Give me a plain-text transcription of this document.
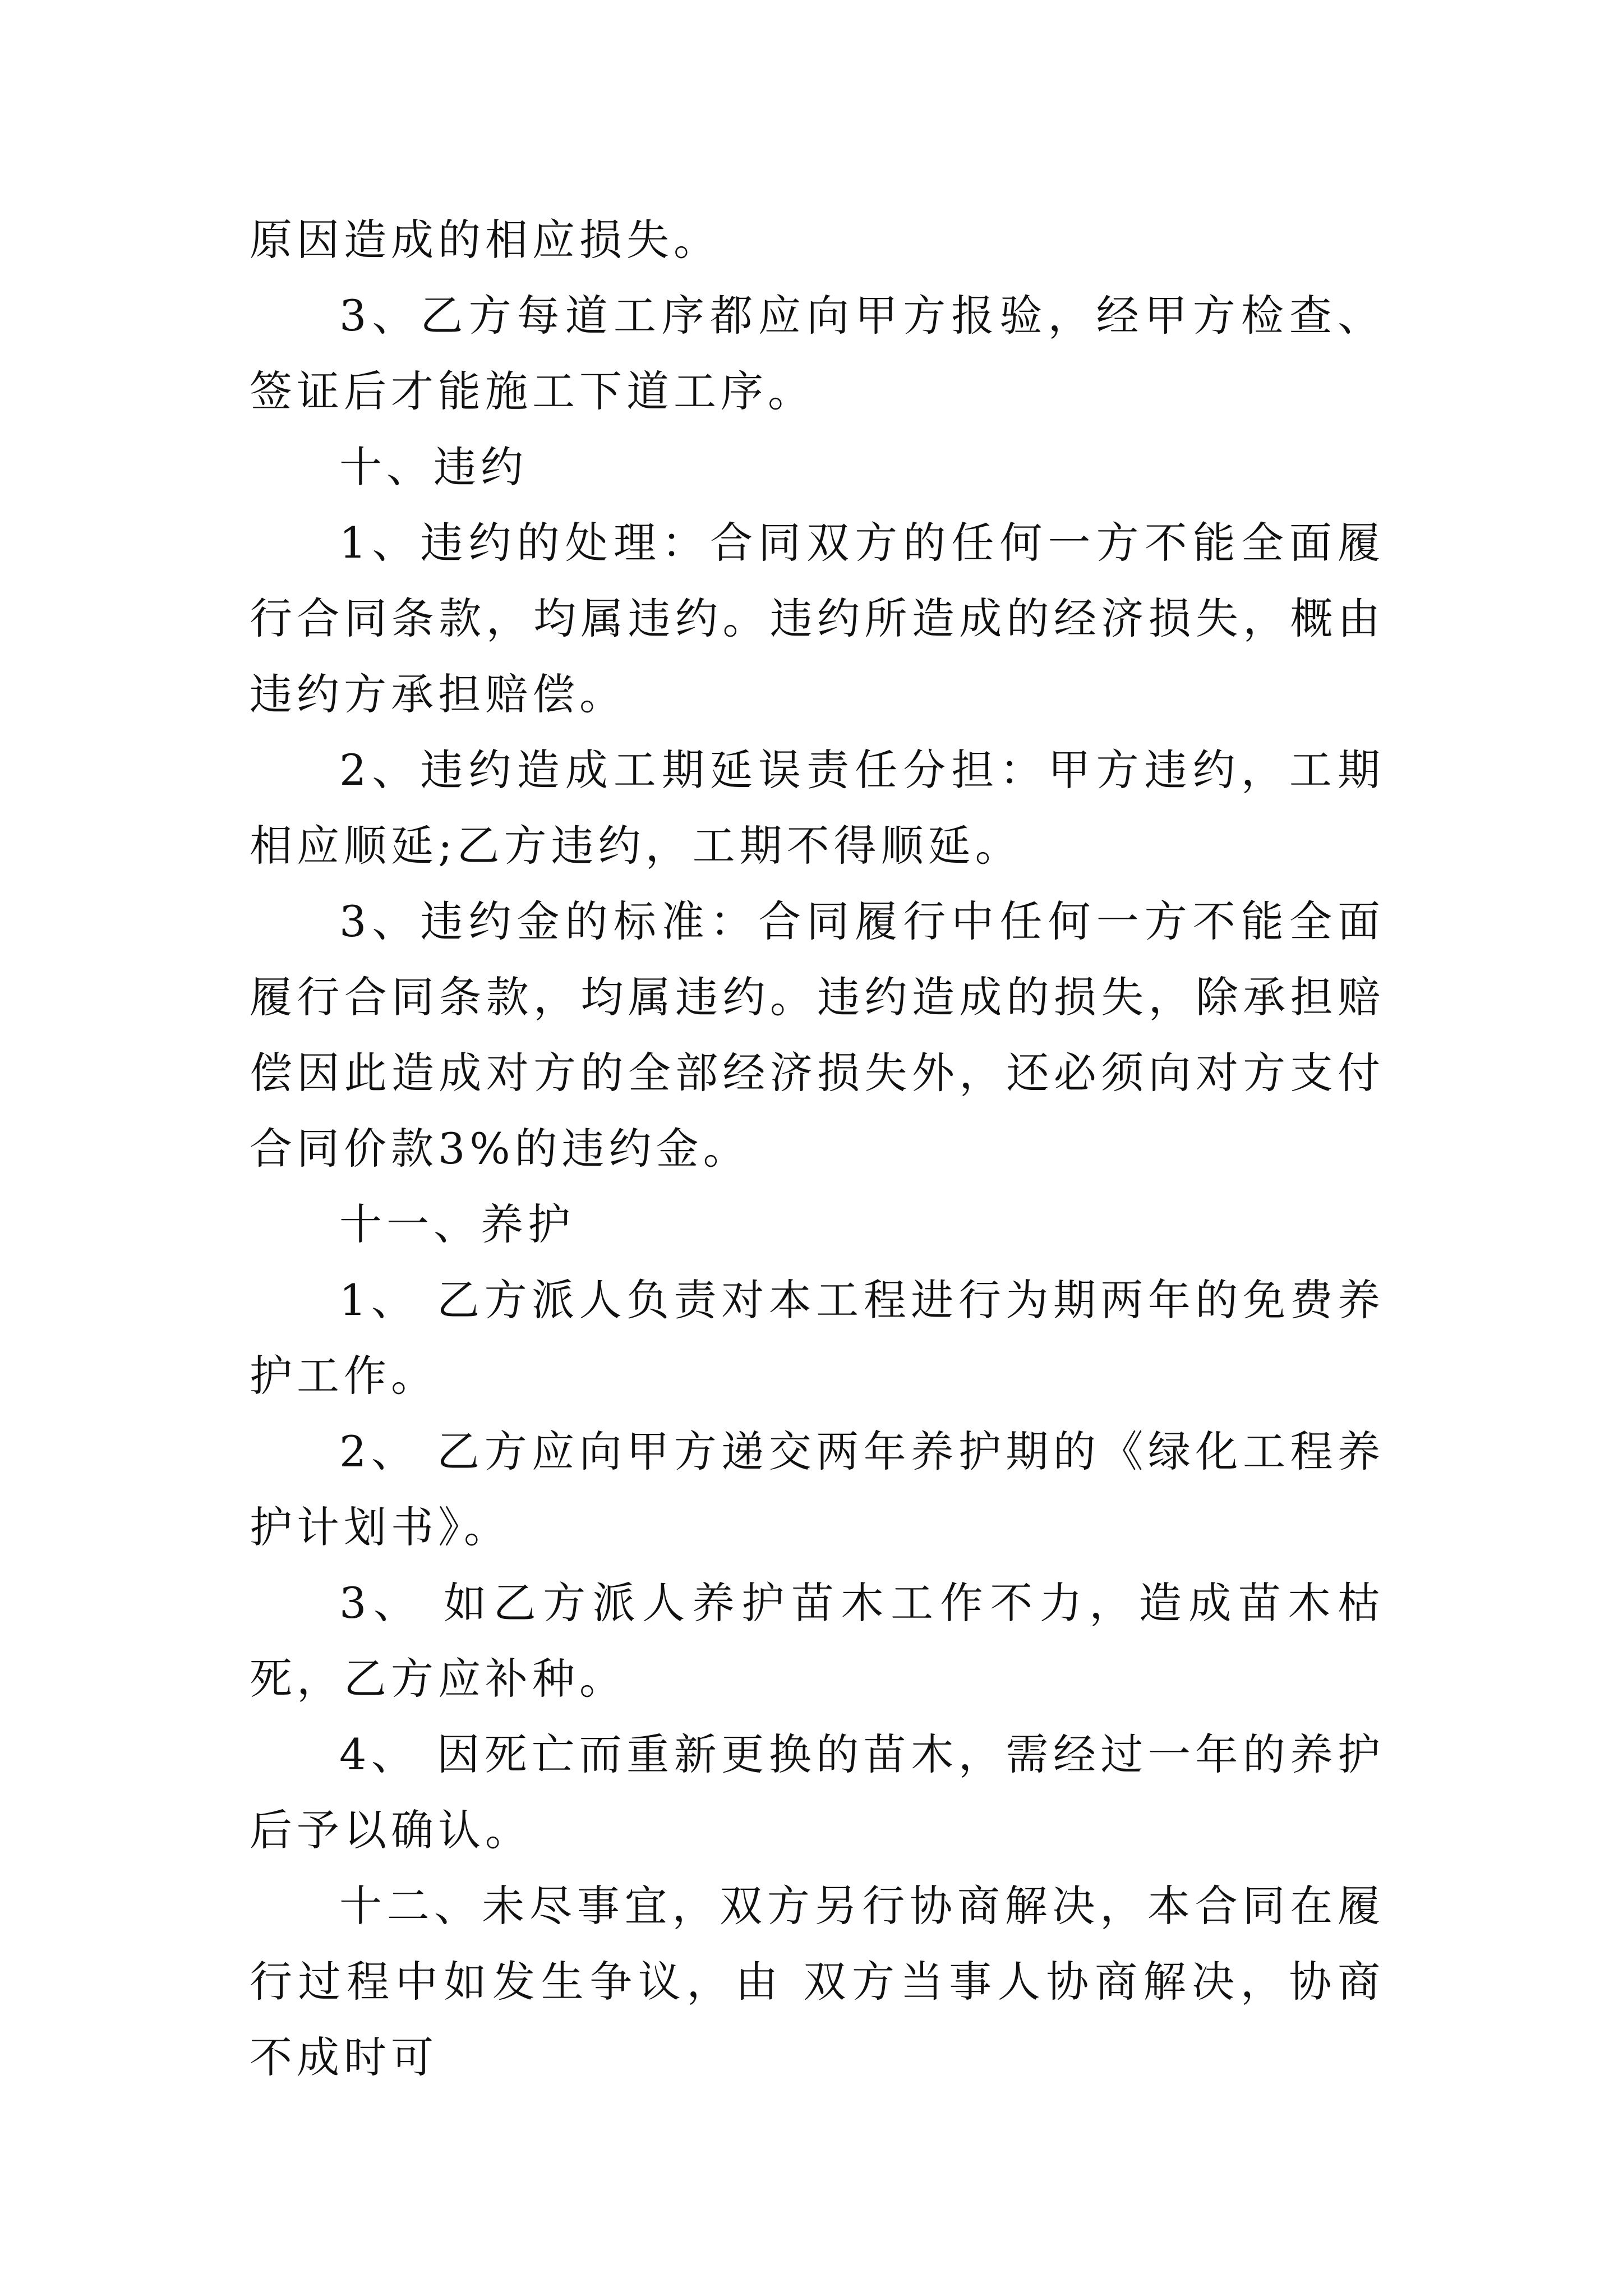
原因造成的相应损失。

3、乙方每道工序都应向甲方报验，经甲方检查、签证后才能施工下道工序。

十、违约

1、违约的处理：合同双方的任何一方不能全面履行合同条款，均属违约。违约所造成的经济损失，概由违约方承担赔偿。

2、违约造成工期延误责任分担：甲方违约，工期相应顺延;乙方违约，工期不得顺延。

3、违约金的标准：合同履行中任何一方不能全面履行合同条款，均属违约。违约造成的损失，除承担赔偿因此造成对方的全部经济损失外，还必须向对方支付合同价款3%的违约金。

十一、养护

1、 乙方派人负责对本工程进行为期两年的免费养护工作。

2、 乙方应向甲方递交两年养护期的《绿化工程养护计划书》。

3、 如乙方派人养护苗木工作不力，造成苗木枯死，乙方应补种。

4、 因死亡而重新更换的苗木，需经过一年的养护后予以确认。

十二、未尽事宜，双方另行协商解决，本合同在履行过程中如发生争议，由 双方当事人协商解决，协商不成时可
